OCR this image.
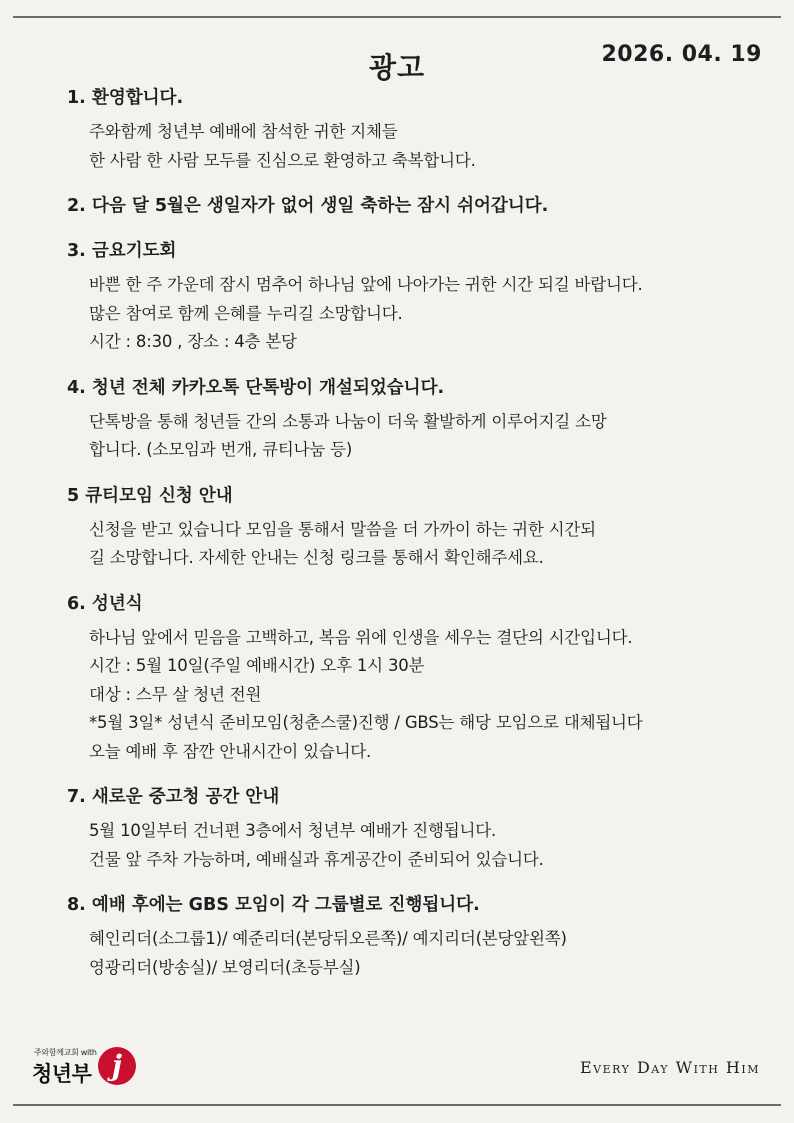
광고	2026. 04. 19
1. 환영합니다.
주와함께 청년부 예배에 참석한 귀한 지체들
한 사람 한 사람 모두를 진심으로 환영하고 축복합니다.
2. 다음 달 5월은 생일자가 없어 생일 축하는 잠시 쉬어갑니다.
3. 금요기도회
바쁜 한 주 가운데 잠시 멈추어 하나님 앞에 나아가는 귀한 시간 되길 바랍니다.
많은 참여로 함께 은혜를 누리길 소망합니다.
시간 : 8:30 , 장소 : 4층 본당
4. 청년 전체 카카오톡 단톡방이 개설되었습니다.
단톡방을 통해 청년들 간의 소통과 나눔이 더욱 활발하게 이루어지길 소망
합니다. (소모임과 번개, 큐티나눔 등)
5 큐티모임 신청 안내
신청을 받고 있습니다 모임을 통해서 말씀을 더 가까이 하는 귀한 시간되
길 소망합니다. 자세한 안내는 신청 링크를 통해서 확인해주세요.
6. 성년식
하나님 앞에서 믿음을 고백하고, 복음 위에 인생을 세우는 결단의 시간입니다.
시간 : 5월 10일(주일 예배시간) 오후 1시 30분
대상 : 스무 살 청년 전원
*5월 3일* 성년식 준비모임(청춘스쿨)진행 / GBS는 해당 모임으로 대체됩니다
오늘 예배 후 잠깐 안내시간이 있습니다.
7. 새로운 중고청 공간 안내
5월 10일부터 건너편 3층에서 청년부 예배가 진행됩니다.
건물 앞 주차 가능하며, 예배실과 휴게공간이 준비되어 있습니다.
8. 예배 후에는 GBS 모임이 각 그룹별로 진행됩니다.
혜인리더(소그룹1)/ 예준리더(본당뒤오른쪽)/ 예지리더(본당앞왼쪽)
영광리더(방송실)/ 보영리더(초등부실)
주와함께교회 with
청년부 j	Every Day With Him
